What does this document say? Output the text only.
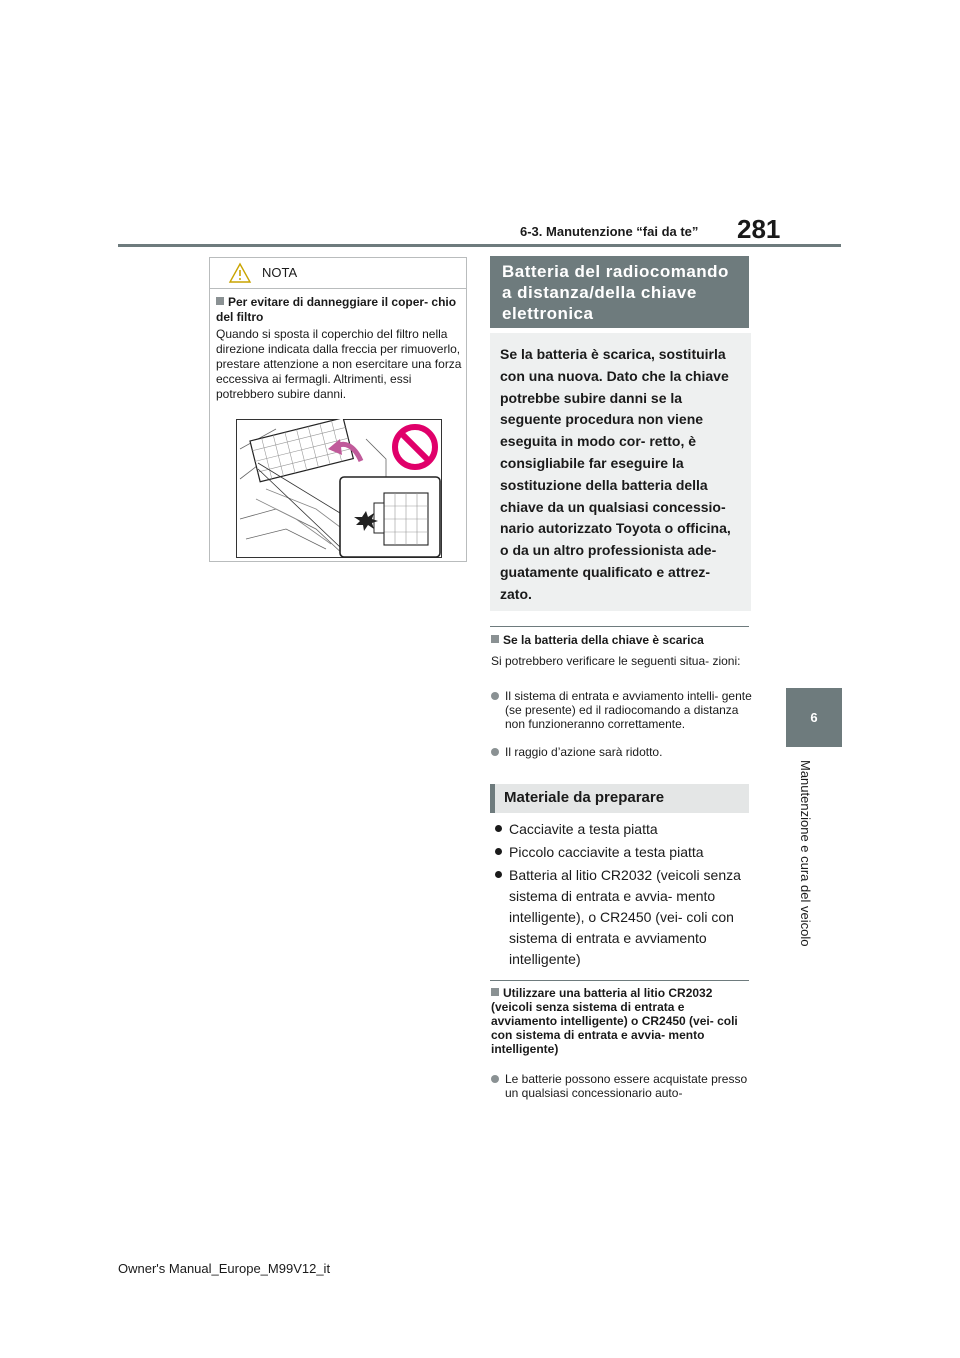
6-3. Manutenzione “fai da te” 281
6
Manutenzione e cura del veicolo
NOTA
Per evitare di danneggiare il coper- chio del filtro
Quando si sposta il coperchio del filtro nella direzione indicata dalla freccia per rimuoverlo, prestare attenzione a non esercitare una forza eccessiva ai fermagli. Altrimenti, essi potrebbero subire danni.
Batteria del radiocomando a distanza/della chiave elettronica
Se la batteria è scarica, sostituirla con una nuova. Dato che la chiave potrebbe subire danni se la seguente procedura non viene eseguita in modo cor- retto, è consigliabile far eseguire la sostituzione della batteria della chiave da un qualsiasi concessio- nario autorizzato Toyota o officina, o da un altro professionista ade- guatamente qualificato e attrez- zato.
Se la batteria della chiave è scarica
Si potrebbero verificare le seguenti situa- zioni:
Il sistema di entrata e avviamento intelli- gente (se presente) ed il radiocomando a distanza non funzioneranno correttamente.
Il raggio d’azione sarà ridotto.
Materiale da preparare
Cacciavite a testa piatta
Piccolo cacciavite a testa piatta
Batteria al litio CR2032 (veicoli senza sistema di entrata e avvia- mento intelligente), o CR2450 (vei- coli con sistema di entrata e avviamento intelligente)
Utilizzare una batteria al litio CR2032 (veicoli senza sistema di entrata e avviamento intelligente) o CR2450 (vei- coli con sistema di entrata e avvia- mento intelligente)
Le batterie possono essere acquistate presso un qualsiasi concessionario auto-
Owner's Manual_Europe_M99V12_it
